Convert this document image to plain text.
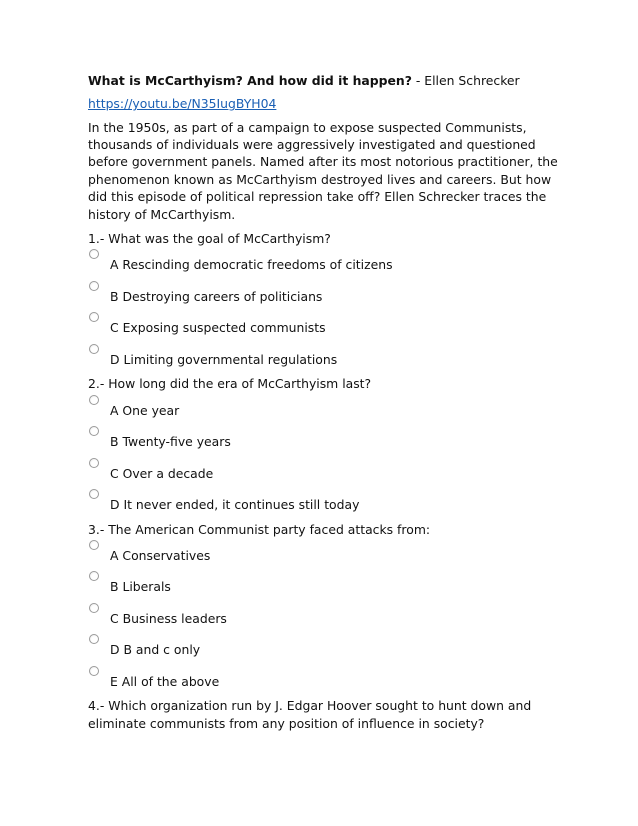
What is McCarthyism? And how did it happen? - Ellen Schrecker

https://youtu.be/N35IugBYH04

In the 1950s, as part of a campaign to expose suspected Communists, thousands of individuals were aggressively investigated and questioned before government panels. Named after its most notorious practitioner, the phenomenon known as McCarthyism destroyed lives and careers. But how did this episode of political repression take off? Ellen Schrecker traces the history of McCarthyism.

1.- What was the goal of McCarthyism?

A Rescinding democratic freedoms of citizens
B Destroying careers of politicians
C Exposing suspected communists
D Limiting governmental regulations

2.- How long did the era of McCarthyism last?

A One year
B Twenty-five years
C Over a decade
D It never ended, it continues still today

3.- The American Communist party faced attacks from:

A Conservatives
B Liberals
C Business leaders
D B and c only
E All of the above

4.- Which organization run by J. Edgar Hoover sought to hunt down and eliminate communists from any position of influence in society?
